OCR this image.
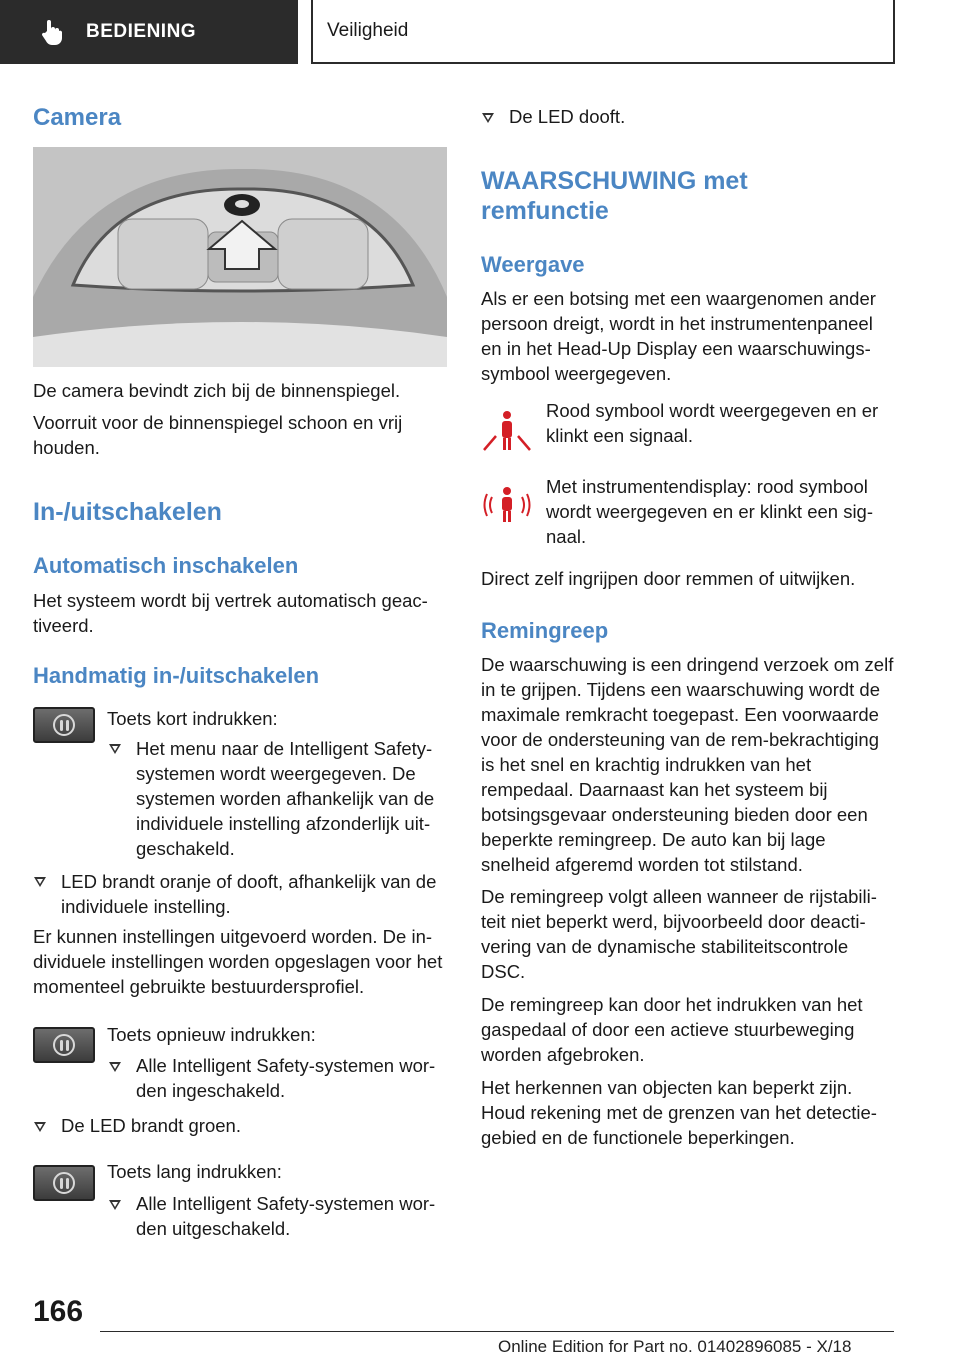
BEDIENING	Veiligheid
Camera

De camera bevindt zich bij de binnenspiegel.

Voorruit voor de binnenspiegel schoon en vrij houden.

In-/uitschakelen
Automatisch inschakelen

Het systeem wordt bij vertrek automatisch geac-tiveerd.

Handmatig in-/uitschakelen

Toets kort indrukken:

Het menu naar de Intelligent Safety-systemen wordt weergegeven. De systemen worden afhankelijk van de individuele instelling afzonderlijk uit-geschakeld.

LED brandt oranje of dooft, afhankelijk van de individuele instelling.

Er kunnen instellingen uitgevoerd worden. De in-dividuele instellingen worden opgeslagen voor het momenteel gebruikte bestuurdersprofiel.

Toets opnieuw indrukken:

Alle Intelligent Safety-systemen wor-den ingeschakeld.

De LED brandt groen.

Toets lang indrukken:

Alle Intelligent Safety-systemen wor-den uitgeschakeld.

De LED dooft.

WAARSCHUWING met remfunctie
Weergave

Als er een botsing met een waargenomen ander persoon dreigt, wordt in het instrumentenpaneel en in het Head-Up Display een waarschuwings-symbool weergegeven.

Rood symbool wordt weergegeven en er klinkt een signaal.

Met instrumentendisplay: rood symbool wordt weergegeven en er klinkt een sig-naal.

Direct zelf ingrijpen door remmen of uitwijken.

Remingreep

De waarschuwing is een dringend verzoek om zelf in te grijpen. Tijdens een waarschuwing wordt de maximale remkracht toegepast. Een voorwaarde voor de ondersteuning van de rem-bekrachtiging is het snel en krachtig indrukken van het rempedaal. Daarnaast kan het systeem bij botsingsgevaar ondersteuning bieden door een beperkte remingreep. De auto kan bij lage snelheid afgeremd worden tot stilstand.

De remingreep volgt alleen wanneer de rijstabili-teit niet beperkt werd, bijvoorbeeld door deacti-vering van de dynamische stabiliteitscontrole DSC.

De remingreep kan door het indrukken van het gaspedaal of door een actieve stuurbeweging worden afgebroken.

Het herkennen van objecten kan beperkt zijn. Houd rekening met de grenzen van het detectie-gebied en de functionele beperkingen.

166
Online Edition for Part no. 01402896085 - X/18
